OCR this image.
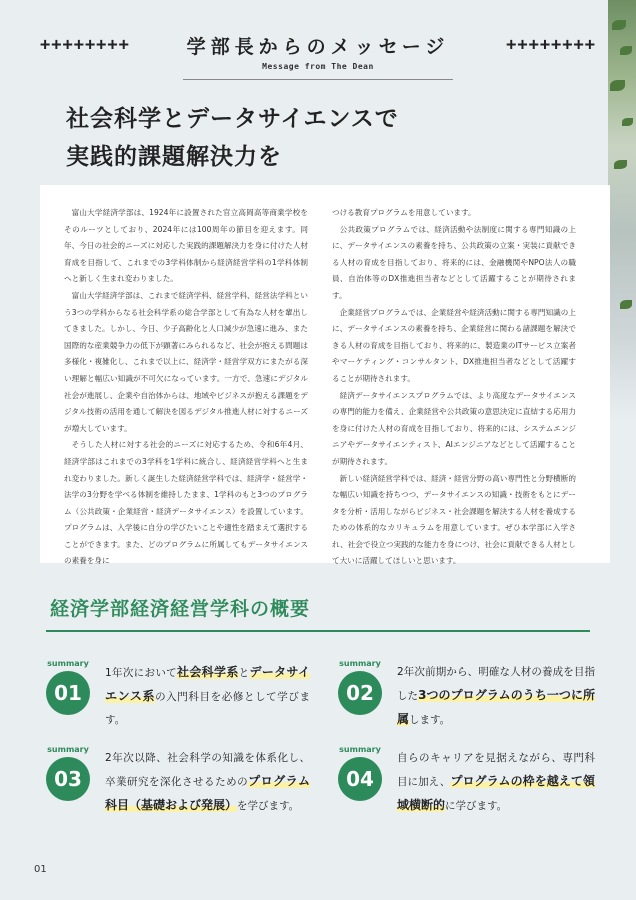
++++++++	学部長からのメッセージ	++++++++
Message from The Dean
社会科学とデータサイエンスで
実践的課題解決力を

富山大学経済学部は、1924年に設置された官立高岡高等商業学校をそのルーツとしており、2024年には100周年の節目を迎えます。同年、今日の社会的ニーズに対応した実践的課題解決力を身に付けた人材育成を目指して、これまでの3学科体制から経済経営学科の1学科体制へと新しく生まれ変わりました。

富山大学経済学部は、これまで経済学科、経営学科、経営法学科という3つの学科からなる社会科学系の総合学部として有為な人材を輩出してきました。しかし、今日、少子高齢化と人口減少が急速に進み、また国際的な産業競争力の低下が顕著にみられるなど、社会が抱える問題は多様化・複雑化し、これまで以上に、経済学・経営学双方にまたがる深い理解と幅広い知識が不可欠になっています。一方で、急速にデジタル社会が進展し、企業や自治体からは、地域やビジネスが抱える課題をデジタル技術の活用を通して解決を図るデジタル推進人材に対するニーズが増大しています。

そうした人材に対する社会的ニーズに対応するため、令和6年4月、経済学部はこれまでの3学科を1学科に統合し、経済経営学科へと生まれ変わりました。新しく誕生した経済経営学科では、経済学・経営学・法学の3分野を学べる体制を維持したまま、1学科のもと3つのプログラム（公共政策・企業経営・経済データサイエンス）を設置しています。プログラムは、入学後に自分の学びたいことや適性を踏まえて選択することができます。また、どのプログラムに所属してもデータサイエンスの素養を身に

つける教育プログラムを用意しています。

公共政策プログラムでは、経済活動や法制度に関する専門知識の上に、データサイエンスの素養を持ち、公共政策の立案・実装に貢献できる人材の育成を目指しており、将来的には、金融機関やNPO法人の職員、自治体等のDX推進担当者などとして活躍することが期待されます。

企業経営プログラムでは、企業経営や経済活動に関する専門知識の上に、データサイエンスの素養を持ち、企業経営に関わる諸課題を解決できる人材の育成を目指しており、将来的に、製造業のITサービス立案者やマーケティング・コンサルタント、DX推進担当者などとして活躍することが期待されます。

経済データサイエンスプログラムでは、より高度なデータサイエンスの専門的能力を備え、企業経営や公共政策の意思決定に直結する応用力を身に付けた人材の育成を目指しており、将来的には、システムエンジニアやデータサイエンティスト、AIエンジニアなどとして活躍することが期待されます。

新しい経済経営学科では、経済・経営分野の高い専門性と分野横断的な幅広い知識を持ちつつ、データサイエンスの知識・技術をもとにデータを分析・活用しながらビジネス・社会課題を解決する人材を養成するための体系的なカリキュラムを用意しています。ぜひ本学部に入学され、社会で役立つ実践的な能力を身につけ、社会に貢献できる人材として大いに活躍してほしいと思います。

経済学部経済経営学科の概要
summary
01
1年次において社会科学系とデータサイエンス系の入門科目を必修として学びます。
summary
02
2年次前期から、明確な人材の養成を目指した3つのプログラムのうち一つに所属します。
summary
03
2年次以降、社会科学の知識を体系化し、卒業研究を深化させるためのプログラム科目（基礎および発展）を学びます。
summary
04
自らのキャリアを見据えながら、専門科目に加え、プログラムの枠を越えて領域横断的に学びます。
01
